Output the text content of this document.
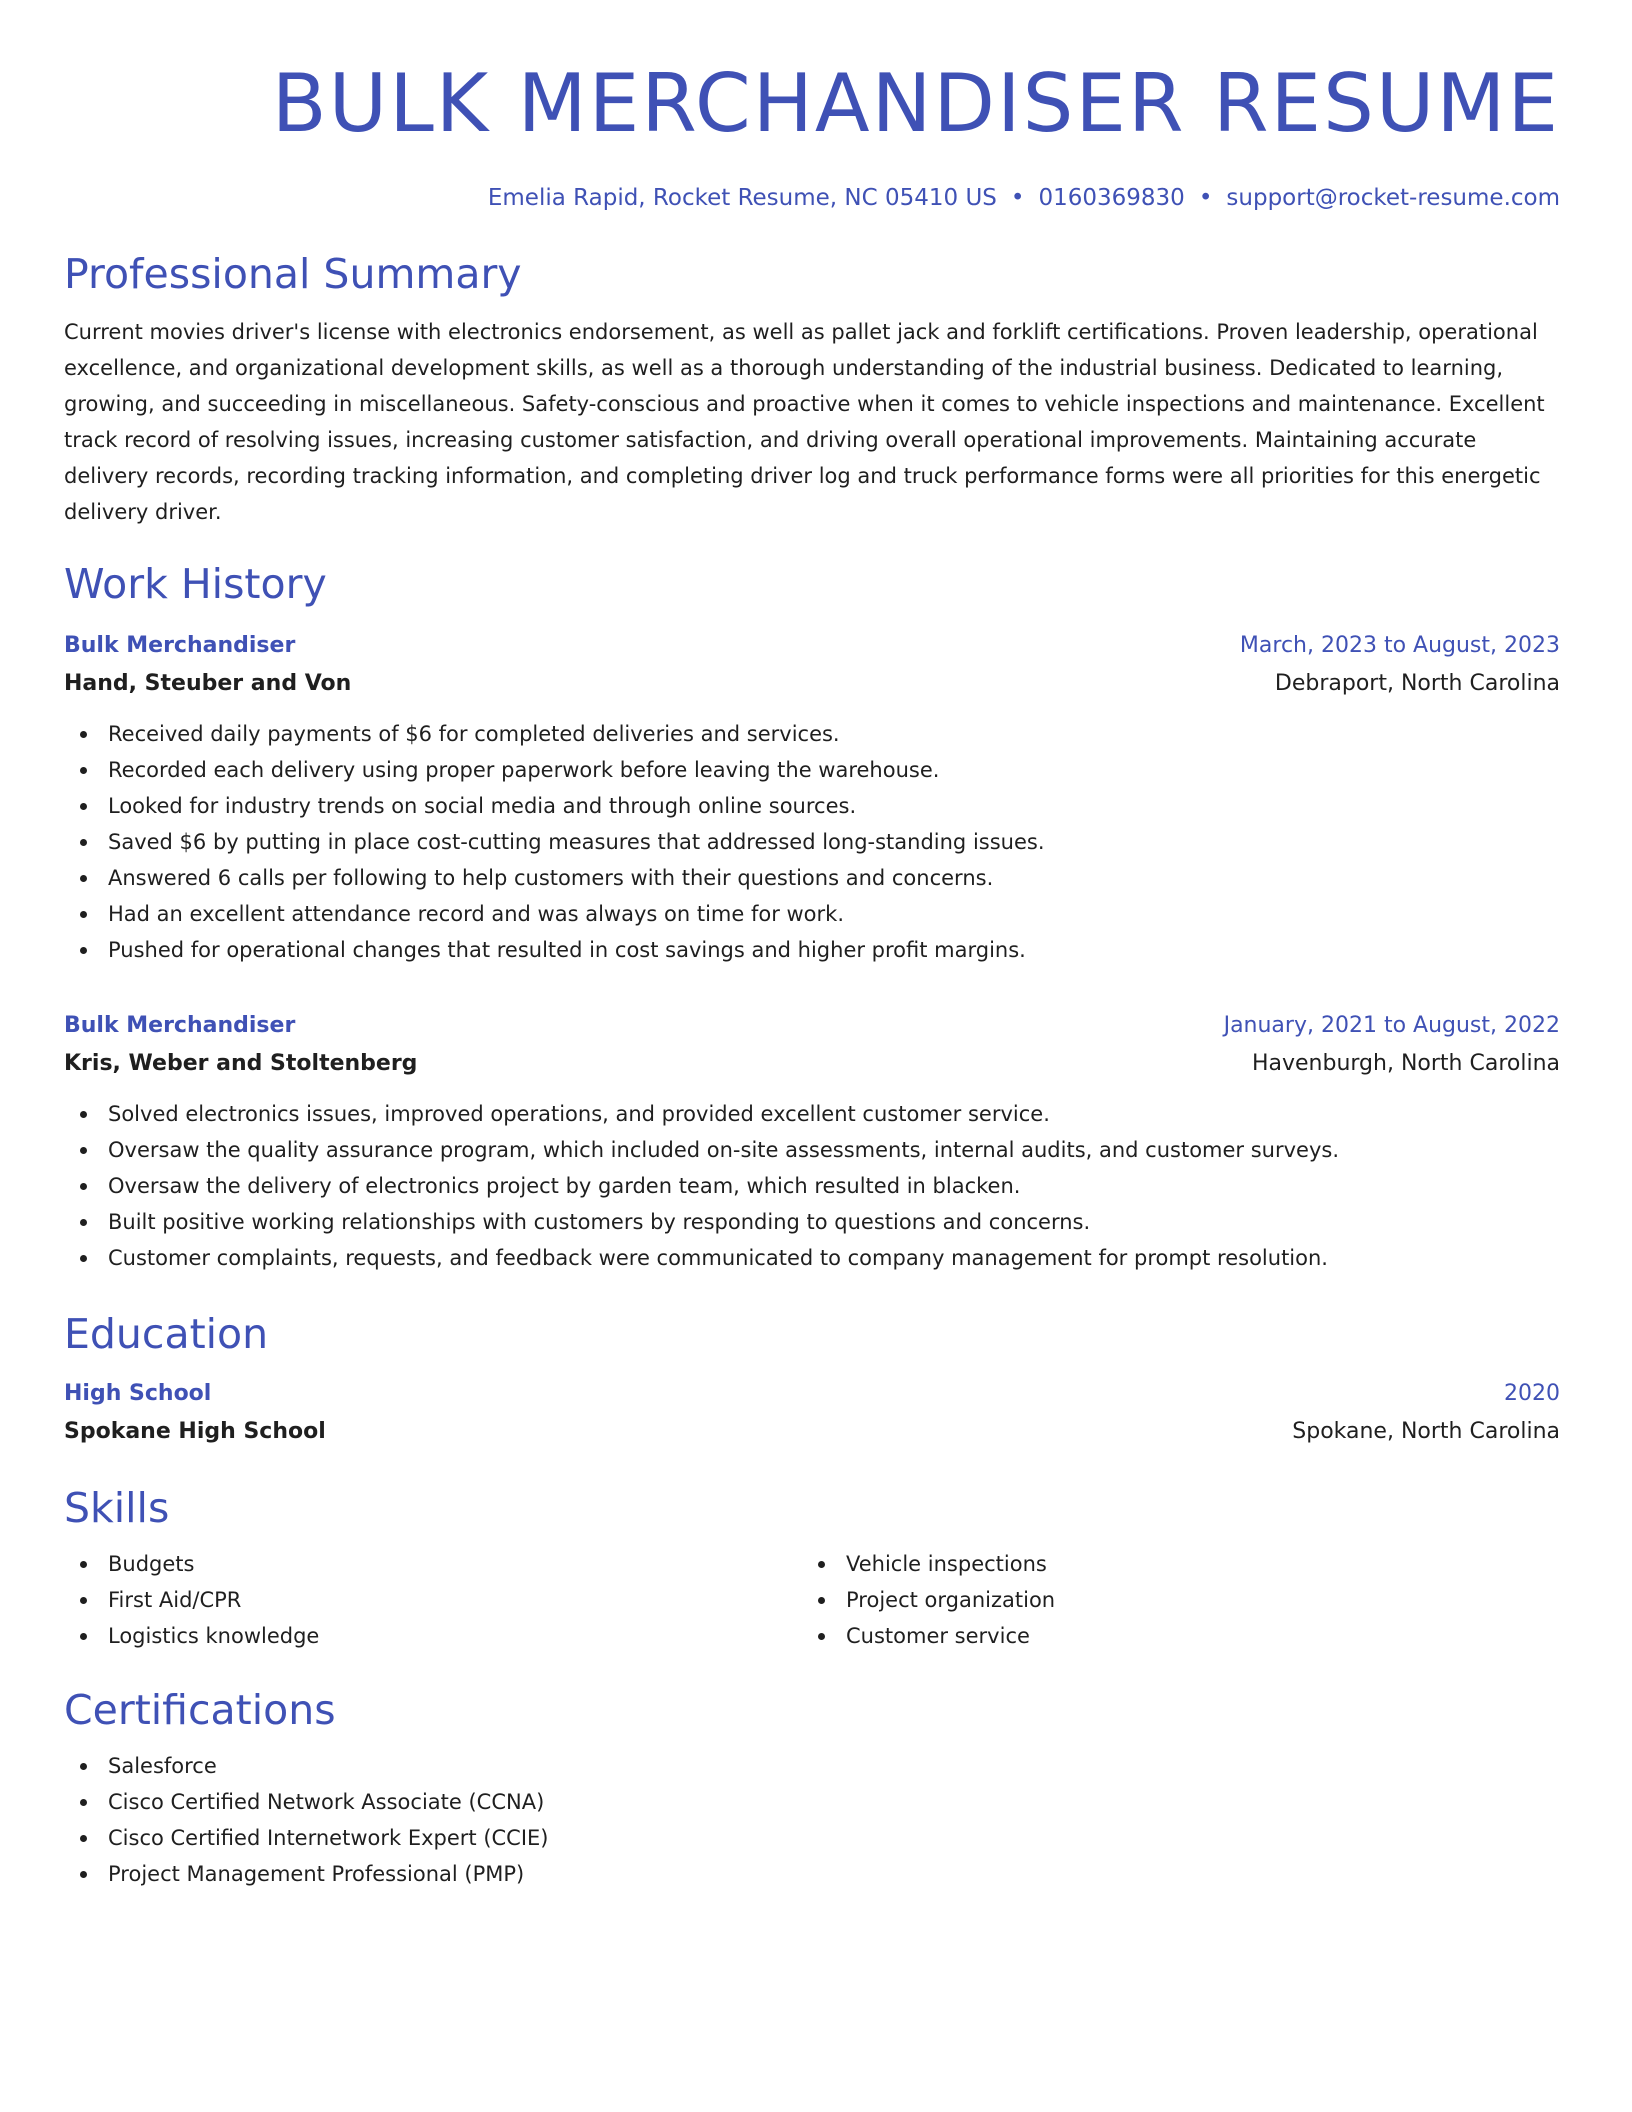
BULK MERCHANDISER RESUME
Emelia Rapid, Rocket Resume, NC 05410 US • 0160369830 • support@rocket-resume.com
Professional Summary

Current movies driver's license with electronics endorsement, as well as pallet jack and forklift certifications. Proven leadership, operational excellence, and organizational development skills, as well as a thorough understanding of the industrial business. Dedicated to learning, growing, and succeeding in miscellaneous. Safety-conscious and proactive when it comes to vehicle inspections and maintenance. Excellent track record of resolving issues, increasing customer satisfaction, and driving overall operational improvements. Maintaining accurate delivery records, recording tracking information, and completing driver log and truck performance forms were all priorities for this energetic delivery driver.

Work History
Bulk Merchandiser	March, 2023 to August, 2023
Hand, Steuber and Von	Debraport, North Carolina
Received daily payments of $6 for completed deliveries and services.
Recorded each delivery using proper paperwork before leaving the warehouse.
Looked for industry trends on social media and through online sources.
Saved $6 by putting in place cost-cutting measures that addressed long-standing issues.
Answered 6 calls per following to help customers with their questions and concerns.
Had an excellent attendance record and was always on time for work.
Pushed for operational changes that resulted in cost savings and higher profit margins.
Bulk Merchandiser	January, 2021 to August, 2022
Kris, Weber and Stoltenberg	Havenburgh, North Carolina
Solved electronics issues, improved operations, and provided excellent customer service.
Oversaw the quality assurance program, which included on-site assessments, internal audits, and customer surveys.
Oversaw the delivery of electronics project by garden team, which resulted in blacken.
Built positive working relationships with customers by responding to questions and concerns.
Customer complaints, requests, and feedback were communicated to company management for prompt resolution.
Education
High School	2020
Spokane High School	Spokane, North Carolina
Skills
Budgets
First Aid/CPR
Logistics knowledge
Vehicle inspections
Project organization
Customer service
Certifications
Salesforce
Cisco Certified Network Associate (CCNA)
Cisco Certified Internetwork Expert (CCIE)
Project Management Professional (PMP)
